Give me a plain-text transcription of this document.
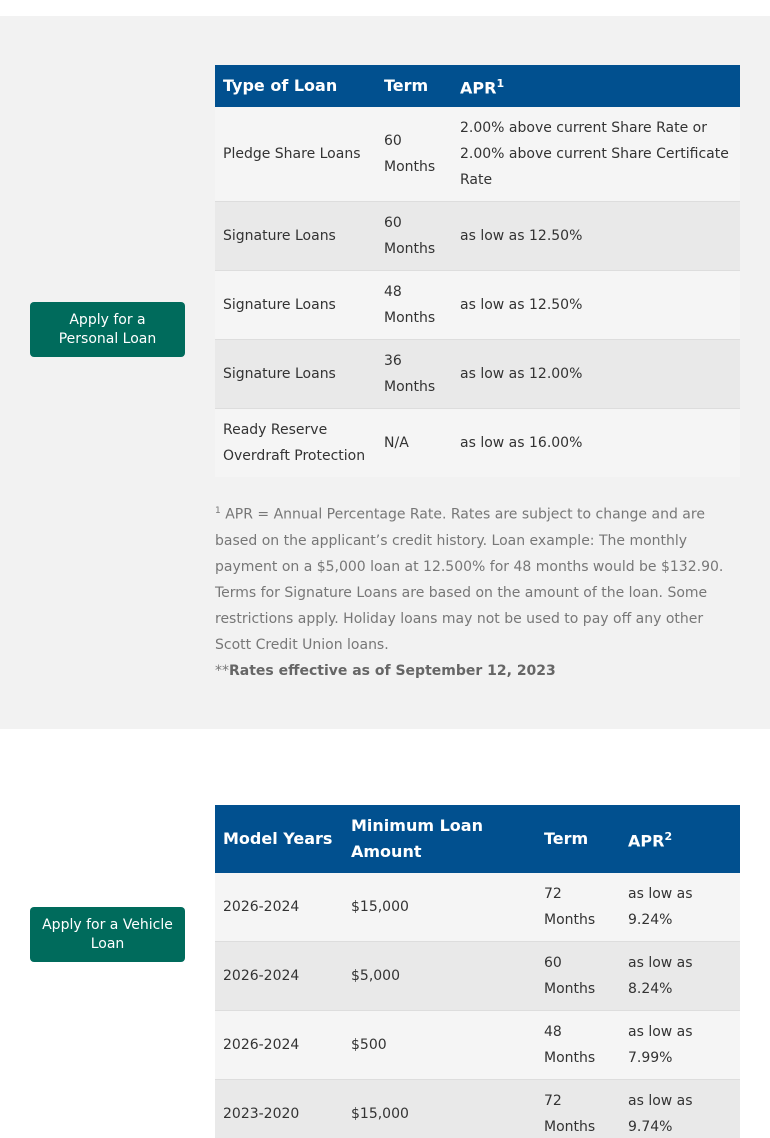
Apply for a Personal Loan
Type of Loan	Term	APR$^1$
Pledge Share Loans	60 Months	2.00% above current Share Rate or 2.00% above current Share Certificate Rate
Signature Loans	60 Months	as low as 12.50%
Signature Loans	48 Months	as low as 12.50%
Signature Loans	36 Months	as low as 12.00%
Ready Reserve Overdraft Protection	N/A	as low as 16.00%
$^1$ APR = Annual Percentage Rate. Rates are subject to change and are based on the applicant’s credit history. Loan example: The monthly payment on a $5,000 loan at 12.500% for 48 months would be $132.90. Terms for Signature Loans are based on the amount of the loan. Some restrictions apply. Holiday loans may not be used to pay off any other Scott Credit Union loans.
**Rates effective as of September 12, 2023
Apply for a Vehicle Loan
Model Years	Minimum Loan Amount	Term	APR$^2$
2026-2024	$15,000	72 Months	as low as 9.24%
2026-2024	$5,000	60 Months	as low as 8.24%
2026-2024	$500	48 Months	as low as 7.99%
2023-2020	$15,000	72 Months	as low as 9.74%
